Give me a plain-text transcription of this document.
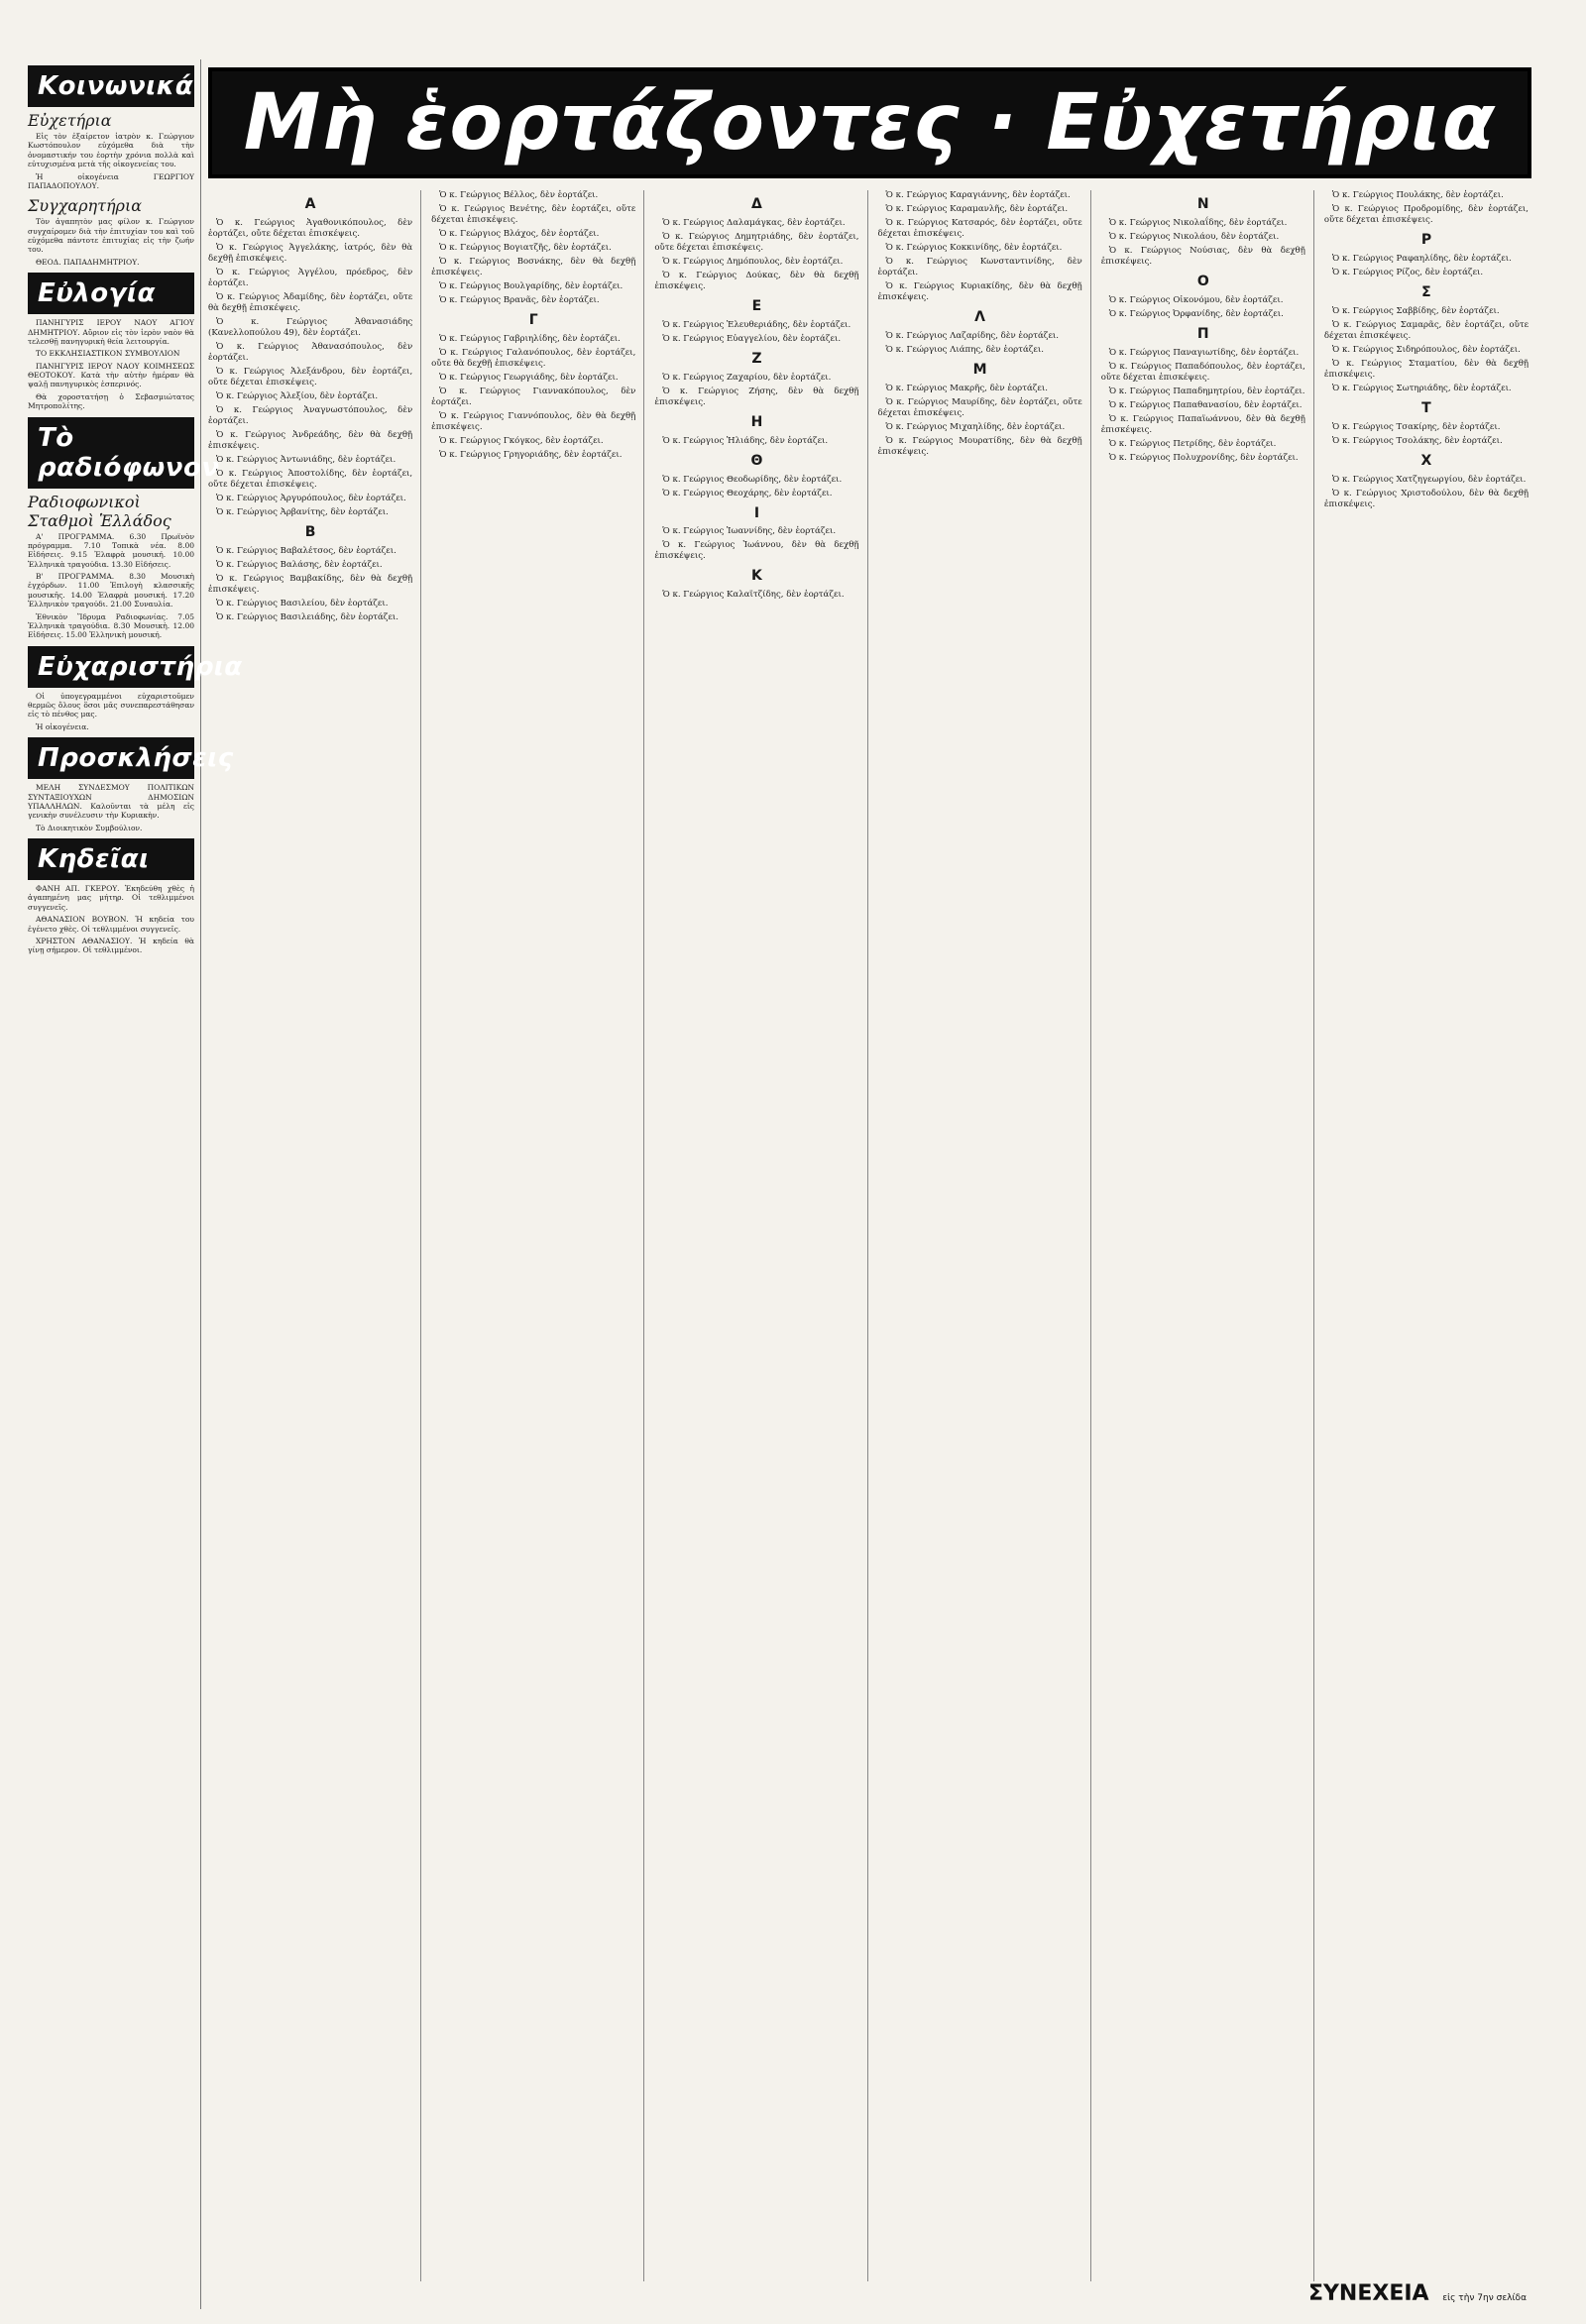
Κοινωνικά
Εὐχετήρια

Εἰς τὸν ἐξαίρετον ἰατρὸν κ. Γεώργιον Κωστόπουλον εὐχόμεθα διὰ τὴν ὀνομαστικήν του ἑορτὴν χρόνια πολλὰ καὶ εὐτυχισμένα μετὰ τῆς οἰκογενείας του.

Ἡ οἰκογένεια ΓΕΩΡΓΙΟΥ ΠΑΠΑΔΟΠΟΥΛΟΥ.

Συγχαρητήρια

Τὸν ἀγαπητὸν μας φίλον κ. Γεώργιον συγχαίρομεν διὰ τὴν ἐπιτυχίαν του καὶ τοῦ εὐχόμεθα πάντοτε ἐπιτυχίας εἰς τὴν ζωήν του.

ΘΕΟΔ. ΠΑΠΑΔΗΜΗΤΡΙΟΥ.

Εὐλογία

ΠΑΝΗΓΥΡΙΣ ΙΕΡΟΥ ΝΑΟΥ ΑΓΙΟΥ ΔΗΜΗΤΡΙΟΥ. Αὔριον εἰς τὸν ἱερὸν ναὸν θὰ τελεσθῇ πανηγυρικὴ θεία λειτουργία.

ΤΟ ΕΚΚΛΗΣΙΑΣΤΙΚΟΝ ΣΥΜΒΟΥΛΙΟΝ

ΠΑΝΗΓΥΡΙΣ ΙΕΡΟΥ ΝΑΟΥ ΚΟΙΜΗΣΕΩΣ ΘΕΟΤΟΚΟΥ. Κατὰ τὴν αὐτὴν ἡμέραν θὰ ψαλῇ πανηγυρικὸς ἑσπερινός.

Θὰ χοροστατήσῃ ὁ Σεβασμιώτατος Μητροπολίτης.

Τὸ ραδιόφωνον
Ραδιοφωνικοὶ Σταθμοὶ Ἑλλάδος

Α' ΠΡΟΓΡΑΜΜΑ. 6.30 Πρωϊνὸν πρόγραμμα. 7.10 Τοπικὰ νέα. 8.00 Εἰδήσεις. 9.15 Ἐλαφρὰ μουσική. 10.00 Ἑλληνικὰ τραγούδια. 13.30 Εἰδήσεις.

Β' ΠΡΟΓΡΑΜΜΑ. 8.30 Μουσικὴ ἐγχόρδων. 11.00 Ἐπιλογὴ κλασσικῆς μουσικῆς. 14.00 Ἐλαφρὰ μουσική. 17.20 Ἑλληνικὸν τραγούδι. 21.00 Συναυλία.

Ἐθνικὸν Ἵδρυμα Ραδιοφωνίας. 7.05 Ἑλληνικὰ τραγούδια. 8.30 Μουσικὴ. 12.00 Εἰδήσεις. 15.00 Ἑλληνικὴ μουσική.

Εὐχαριστήρια

Οἱ ὑπογεγραμμένοι εὐχαριστοῦμεν θερμῶς ὅλους ὅσοι μᾶς συνεπαρεστάθησαν εἰς τὸ πένθος μας.

Ἡ οἰκογένεια.

Προσκλήσεις

ΜΕΛΗ ΣΥΝΔΕΣΜΟΥ ΠΟΛΙΤΙΚΩΝ ΣΥΝΤΑΞΙΟΥΧΩΝ ΔΗΜΟΣΙΩΝ ΥΠΑΛΛΗΛΩΝ. Καλοῦνται τὰ μέλη εἰς γενικὴν συνέλευσιν τὴν Κυριακὴν.

Τὸ Διοικητικὸν Συμβούλιον.

Κηδεῖαι

ΦΑΝΗ ΑΠ. ΓΚΕΡΟΥ. Ἐκηδεύθη χθὲς ἡ ἀγαπημένη μας μήτηρ. Οἱ τεθλιμμένοι συγγενεῖς.

ΑΘΑΝΑΣΙΟΝ ΒΟΥΒΟΝ. Ἡ κηδεία του ἐγένετο χθὲς. Οἱ τεθλιμμένοι συγγενεῖς.

ΧΡΗΣΤΟΝ ΑΘΑΝΑΣΙΟΥ. Ἡ κηδεία θὰ γίνῃ σήμερον. Οἱ τεθλιμμένοι.

Μὴ ἑορτάζοντες · Εὐχετήρια
Α
Ὁ κ. Γεώργιος Ἀγαθονικόπουλος, δὲν ἑορτάζει, οὔτε δέχεται ἐπισκέψεις.
Ὁ κ. Γεώργιος Ἀγγελάκης, ἰατρός, δὲν θὰ δεχθῇ ἐπισκέψεις.
Ὁ κ. Γεώργιος Ἀγγέλου, πρόεδρος, δὲν ἑορτάζει.
Ὁ κ. Γεώργιος Ἀδαμίδης, δὲν ἑορτάζει, οὔτε θὰ δεχθῇ ἐπισκέψεις.
Ὁ κ. Γεώργιος Ἀθανασιάδης (Κανελλοπούλου 49), δὲν ἑορτάζει.
Ὁ κ. Γεώργιος Ἀθανασόπουλος, δὲν ἑορτάζει.
Ὁ κ. Γεώργιος Ἀλεξάνδρου, δὲν ἑορτάζει, οὔτε δέχεται ἐπισκέψεις.
Ὁ κ. Γεώργιος Ἀλεξίου, δὲν ἑορτάζει.
Ὁ κ. Γεώργιος Ἀναγνωστόπουλος, δὲν ἑορτάζει.
Ὁ κ. Γεώργιος Ἀνδρεάδης, δὲν θὰ δεχθῇ ἐπισκέψεις.
Ὁ κ. Γεώργιος Ἀντωνιάδης, δὲν ἑορτάζει.
Ὁ κ. Γεώργιος Ἀποστολίδης, δὲν ἑορτάζει, οὔτε δέχεται ἐπισκέψεις.
Ὁ κ. Γεώργιος Ἀργυρόπουλος, δὲν ἑορτάζει.
Ὁ κ. Γεώργιος Ἀρβανίτης, δὲν ἑορτάζει.
Β
Ὁ κ. Γεώργιος Βαβαλέτσος, δὲν ἑορτάζει.
Ὁ κ. Γεώργιος Βαλάσης, δὲν ἑορτάζει.
Ὁ κ. Γεώργιος Βαμβακίδης, δὲν θὰ δεχθῇ ἐπισκέψεις.
Ὁ κ. Γεώργιος Βασιλείου, δὲν ἑορτάζει.
Ὁ κ. Γεώργιος Βασιλειάδης, δὲν ἑορτάζει.
Ὁ κ. Γεώργιος Βέλλος, δὲν ἑορτάζει.
Ὁ κ. Γεώργιος Βενέτης, δὲν ἑορτάζει, οὔτε δέχεται ἐπισκέψεις.
Ὁ κ. Γεώργιος Βλάχος, δὲν ἑορτάζει.
Ὁ κ. Γεώργιος Βογιατζῆς, δὲν ἑορτάζει.
Ὁ κ. Γεώργιος Βοσνάκης, δὲν θὰ δεχθῇ ἐπισκέψεις.
Ὁ κ. Γεώργιος Βουλγαρίδης, δὲν ἑορτάζει.
Ὁ κ. Γεώργιος Βρανᾶς, δὲν ἑορτάζει.
Γ
Ὁ κ. Γεώργιος Γαβριηλίδης, δὲν ἑορτάζει.
Ὁ κ. Γεώργιος Γαλανόπουλος, δὲν ἑορτάζει, οὔτε θὰ δεχθῇ ἐπισκέψεις.
Ὁ κ. Γεώργιος Γεωργιάδης, δὲν ἑορτάζει.
Ὁ κ. Γεώργιος Γιαννακόπουλος, δὲν ἑορτάζει.
Ὁ κ. Γεώργιος Γιαννόπουλος, δὲν θὰ δεχθῇ ἐπισκέψεις.
Ὁ κ. Γεώργιος Γκόγκος, δὲν ἑορτάζει.
Ὁ κ. Γεώργιος Γρηγοριάδης, δὲν ἑορτάζει.
Δ
Ὁ κ. Γεώργιος Δαλαμάγκας, δὲν ἑορτάζει.
Ὁ κ. Γεώργιος Δημητριάδης, δὲν ἑορτάζει, οὔτε δέχεται ἐπισκέψεις.
Ὁ κ. Γεώργιος Δημόπουλος, δὲν ἑορτάζει.
Ὁ κ. Γεώργιος Δούκας, δὲν θὰ δεχθῇ ἐπισκέψεις.
Ε
Ὁ κ. Γεώργιος Ἐλευθεριάδης, δὲν ἑορτάζει.
Ὁ κ. Γεώργιος Εὐαγγελίου, δὲν ἑορτάζει.
Ζ
Ὁ κ. Γεώργιος Ζαχαρίου, δὲν ἑορτάζει.
Ὁ κ. Γεώργιος Ζήσης, δὲν θὰ δεχθῇ ἐπισκέψεις.
Η
Ὁ κ. Γεώργιος Ἠλιάδης, δὲν ἑορτάζει.
Θ
Ὁ κ. Γεώργιος Θεοδωρίδης, δὲν ἑορτάζει.
Ὁ κ. Γεώργιος Θεοχάρης, δὲν ἑορτάζει.
Ι
Ὁ κ. Γεώργιος Ἰωαννίδης, δὲν ἑορτάζει.
Ὁ κ. Γεώργιος Ἰωάννου, δὲν θὰ δεχθῇ ἐπισκέψεις.
Κ
Ὁ κ. Γεώργιος Καλαϊτζίδης, δὲν ἑορτάζει.
Ὁ κ. Γεώργιος Καραγιάννης, δὲν ἑορτάζει.
Ὁ κ. Γεώργιος Καραμανλῆς, δὲν ἑορτάζει.
Ὁ κ. Γεώργιος Κατσαρός, δὲν ἑορτάζει, οὔτε δέχεται ἐπισκέψεις.
Ὁ κ. Γεώργιος Κοκκινίδης, δὲν ἑορτάζει.
Ὁ κ. Γεώργιος Κωνσταντινίδης, δὲν ἑορτάζει.
Ὁ κ. Γεώργιος Κυριακίδης, δὲν θὰ δεχθῇ ἐπισκέψεις.
Λ
Ὁ κ. Γεώργιος Λαζαρίδης, δὲν ἑορτάζει.
Ὁ κ. Γεώργιος Λιάπης, δὲν ἑορτάζει.
Μ
Ὁ κ. Γεώργιος Μακρῆς, δὲν ἑορτάζει.
Ὁ κ. Γεώργιος Μαυρίδης, δὲν ἑορτάζει, οὔτε δέχεται ἐπισκέψεις.
Ὁ κ. Γεώργιος Μιχαηλίδης, δὲν ἑορτάζει.
Ὁ κ. Γεώργιος Μουρατίδης, δὲν θὰ δεχθῇ ἐπισκέψεις.
Ν
Ὁ κ. Γεώργιος Νικολαΐδης, δὲν ἑορτάζει.
Ὁ κ. Γεώργιος Νικολάου, δὲν ἑορτάζει.
Ὁ κ. Γεώργιος Νούσιας, δὲν θὰ δεχθῇ ἐπισκέψεις.
Ο
Ὁ κ. Γεώργιος Οἰκονόμου, δὲν ἑορτάζει.
Ὁ κ. Γεώργιος Ὀρφανίδης, δὲν ἑορτάζει.
Π
Ὁ κ. Γεώργιος Παναγιωτίδης, δὲν ἑορτάζει.
Ὁ κ. Γεώργιος Παπαδόπουλος, δὲν ἑορτάζει, οὔτε δέχεται ἐπισκέψεις.
Ὁ κ. Γεώργιος Παπαδημητρίου, δὲν ἑορτάζει.
Ὁ κ. Γεώργιος Παπαθανασίου, δὲν ἑορτάζει.
Ὁ κ. Γεώργιος Παπαϊωάννου, δὲν θὰ δεχθῇ ἐπισκέψεις.
Ὁ κ. Γεώργιος Πετρίδης, δὲν ἑορτάζει.
Ὁ κ. Γεώργιος Πολυχρονίδης, δὲν ἑορτάζει.
Ὁ κ. Γεώργιος Πουλάκης, δὲν ἑορτάζει.
Ὁ κ. Γεώργιος Προδρομίδης, δὲν ἑορτάζει, οὔτε δέχεται ἐπισκέψεις.
Ρ
Ὁ κ. Γεώργιος Ραφαηλίδης, δὲν ἑορτάζει.
Ὁ κ. Γεώργιος Ρίζος, δὲν ἑορτάζει.
Σ
Ὁ κ. Γεώργιος Σαββίδης, δὲν ἑορτάζει.
Ὁ κ. Γεώργιος Σαμαρᾶς, δὲν ἑορτάζει, οὔτε δέχεται ἐπισκέψεις.
Ὁ κ. Γεώργιος Σιδηρόπουλος, δὲν ἑορτάζει.
Ὁ κ. Γεώργιος Σταματίου, δὲν θὰ δεχθῇ ἐπισκέψεις.
Ὁ κ. Γεώργιος Σωτηριάδης, δὲν ἑορτάζει.
Τ
Ὁ κ. Γεώργιος Τσακίρης, δὲν ἑορτάζει.
Ὁ κ. Γεώργιος Τσολάκης, δὲν ἑορτάζει.
Χ
Ὁ κ. Γεώργιος Χατζηγεωργίου, δὲν ἑορτάζει.
Ὁ κ. Γεώργιος Χριστοδούλου, δὲν θὰ δεχθῇ ἐπισκέψεις.
ΣΥΝΕΧΕΙΑ εἰς τὴν 7ην σελίδα
